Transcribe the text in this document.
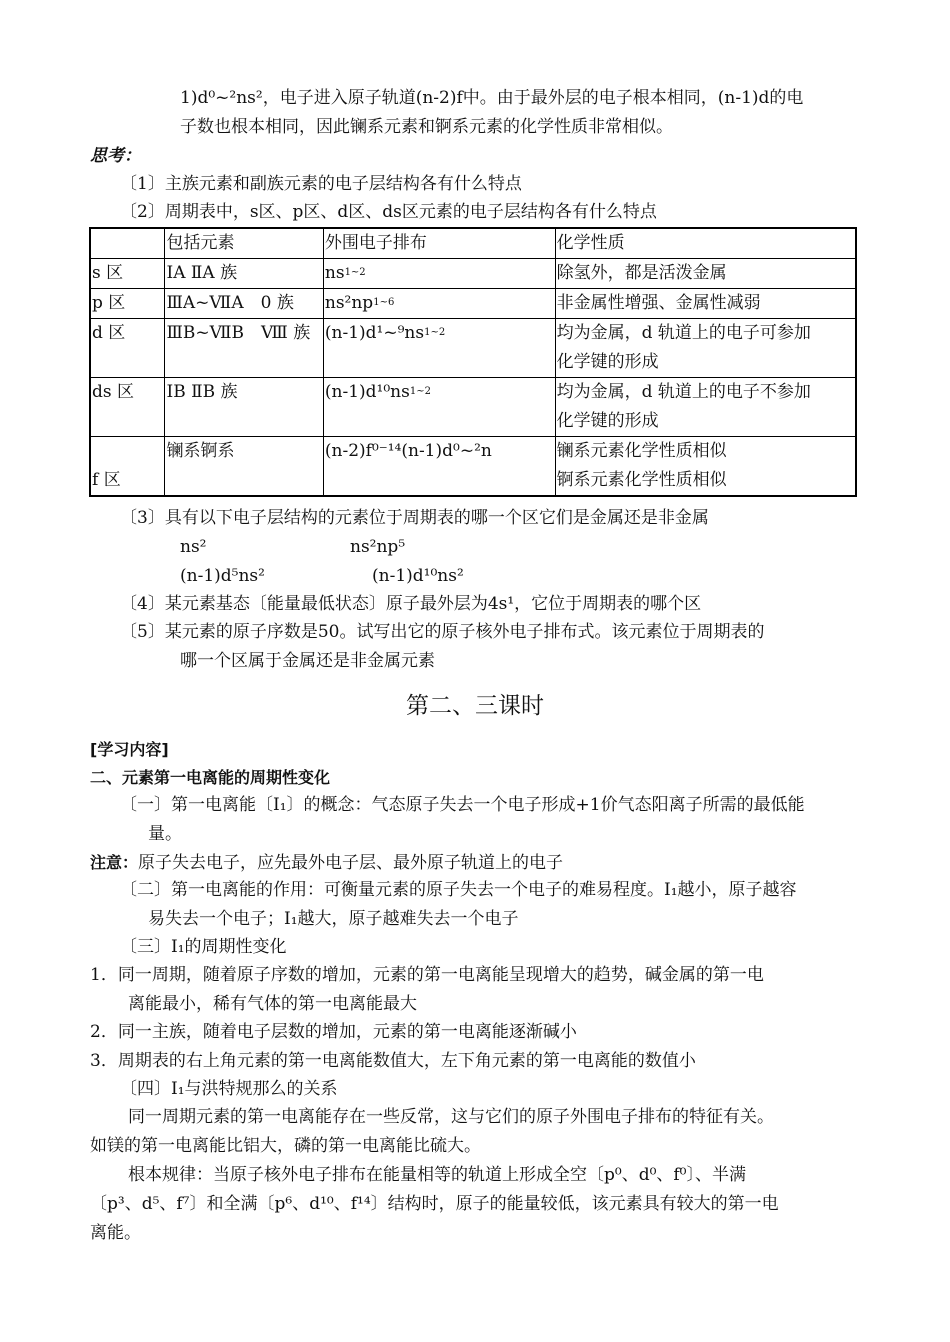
1)d⁰~²ns²，电子进入原子轨道(n-2)f中。由于最外层的电子根本相同，(n-1)d的电
子数也根本相同，因此镧系元素和锕系元素的化学性质非常相似。
思考：
〔1〕主族元素和副族元素的电子层结构各有什么特点
〔2〕周期表中，s区、p区、d区、ds区元素的电子层结构各有什么特点
	包括元素	外围电子排布	化学性质
s 区	ⅠA ⅡA 族	$ns^{1\sim 2}$	除氢外，都是活泼金属
p 区	ⅢA~ⅦA　0 族	$ns^2np^{1\sim 6}$	非金属性增强、金属性减弱
d 区	ⅢB~ⅦB　Ⅷ 族	$(n-1)d^1\sim^9ns^{1\sim 2}$	均为金属，d 轨道上的电子可参加
化学键的形成

ds 区	ⅠB ⅡB 族	$(n-1)d^{10}ns^{1\sim 2}$	均为金属，d 轨道上的电子不参加
化学键的形成

f 区	镧系锕系	(n-2)f⁰⁻¹⁴(n-1)d⁰~²n	镧系元素化学性质相似
锕系元素化学性质相似
〔3〕具有以下电子层结构的元素位于周期表的哪一个区它们是金属还是非金属
ns²	ns²np⁵
(n-1)d⁵ns²	(n-1)d¹⁰ns²
〔4〕某元素基态〔能量最低状态〕原子最外层为4s¹，它位于周期表的哪个区
〔5〕某元素的原子序数是50。试写出它的原子核外电子排布式。该元素位于周期表的
哪一个区属于金属还是非金属元素
第二、三课时
[学习内容]
二、元素第一电离能的周期性变化
〔一〕第一电离能〔I₁〕的概念：气态原子失去一个电子形成+1价气态阳离子所需的最低能
量。
注意：原子失去电子，应先最外电子层、最外原子轨道上的电子
〔二〕第一电离能的作用：可衡量元素的原子失去一个电子的难易程度。I₁越小，原子越容
易失去一个电子；I₁越大，原子越难失去一个电子
〔三〕I₁的周期性变化
1．同一周期，随着原子序数的增加，元素的第一电离能呈现增大的趋势，碱金属的第一电
离能最小，稀有气体的第一电离能最大
2．同一主族，随着电子层数的增加，元素的第一电离能逐渐碱小
3．周期表的右上角元素的第一电离能数值大，左下角元素的第一电离能的数值小
〔四〕I₁与洪特规那么的关系
同一周期元素的第一电离能存在一些反常，这与它们的原子外围电子排布的特征有关。
如镁的第一电离能比铝大，磷的第一电离能比硫大。
根本规律：当原子核外电子排布在能量相等的轨道上形成全空〔p⁰、d⁰、f⁰〕、半满
〔p³、d⁵、f⁷〕和全满〔p⁶、d¹⁰、f¹⁴〕结构时，原子的能量较低，该元素具有较大的第一电
离能。
